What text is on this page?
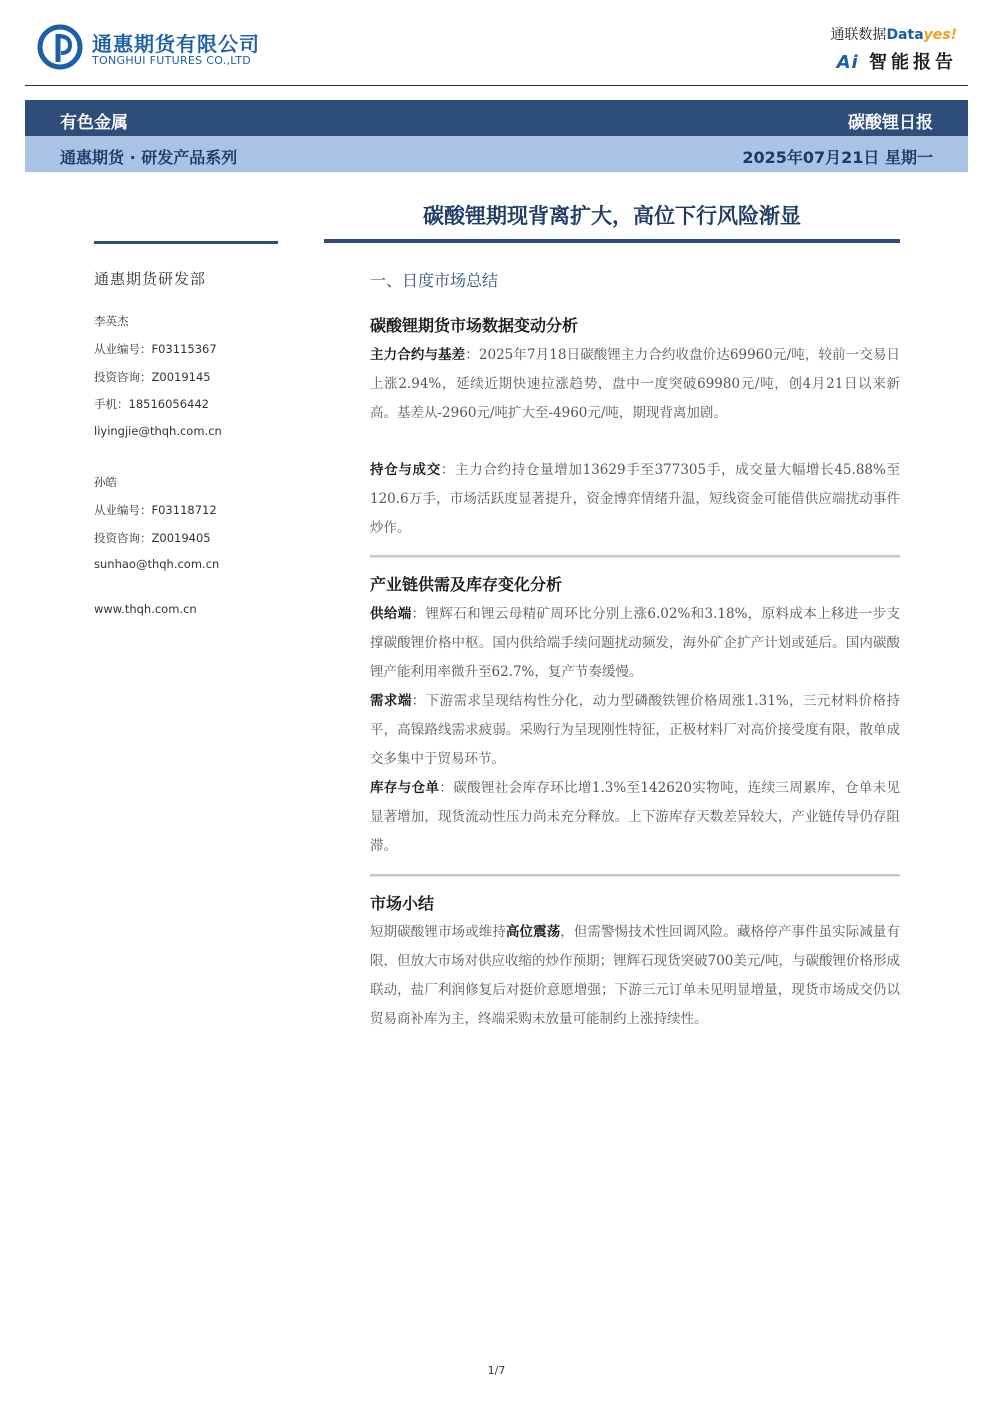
通惠期货有限公司
TONGHUI FUTURES CO.,LTD
通联数据Datayes!
Ai 智能报告
有色金属	碳酸锂日报
通惠期货 · 研发产品系列	2025年07月21日 星期一
碳酸锂期现背离扩大，高位下行风险渐显
通惠期货研发部
李英杰
从业编号：F03115367
投资咨询：Z0019145
手机：18516056442
liyingjie@thqh.com.cn
孙皓
从业编号：F03118712
投资咨询：Z0019405
sunhao@thqh.com.cn
www.thqh.com.cn
一、日度市场总结
碳酸锂期货市场数据变动分析
主力合约与基差：2025年7月18日碳酸锂主力合约收盘价达69960元/吨，较前一交易日上涨2.94%，延续近期快速拉涨趋势，盘中一度突破69980元/吨，创4月21日以来新高。基差从-2960元/吨扩大至-4960元/吨，期现背离加剧。
持仓与成交：主力合约持仓量增加13629手至377305手，成交量大幅增长45.88%至120.6万手，市场活跃度显著提升，资金博弈情绪升温，短线资金可能借供应端扰动事件炒作。
产业链供需及库存变化分析
供给端：锂辉石和锂云母精矿周环比分别上涨6.02%和3.18%，原料成本上移进一步支撑碳酸锂价格中枢。国内供给端手续问题扰动频发，海外矿企扩产计划或延后。国内碳酸锂产能利用率微升至62.7%，复产节奏缓慢。
需求端：下游需求呈现结构性分化，动力型磷酸铁锂价格周涨1.31%，三元材料价格持平，高镍路线需求疲弱。采购行为呈现刚性特征，正极材料厂对高价接受度有限，散单成交多集中于贸易环节。
库存与仓单：碳酸锂社会库存环比增1.3%至142620实物吨，连续三周累库，仓单未见显著增加，现货流动性压力尚未充分释放。上下游库存天数差异较大，产业链传导仍存阻滞。
市场小结
短期碳酸锂市场或维持高位震荡，但需警惕技术性回调风险。藏格停产事件虽实际减量有限，但放大市场对供应收缩的炒作预期；锂辉石现货突破700美元/吨，与碳酸锂价格形成联动，盐厂利润修复后对挺价意愿增强；下游三元订单未见明显增量，现货市场成交仍以贸易商补库为主，终端采购未放量可能制约上涨持续性。
1/7
